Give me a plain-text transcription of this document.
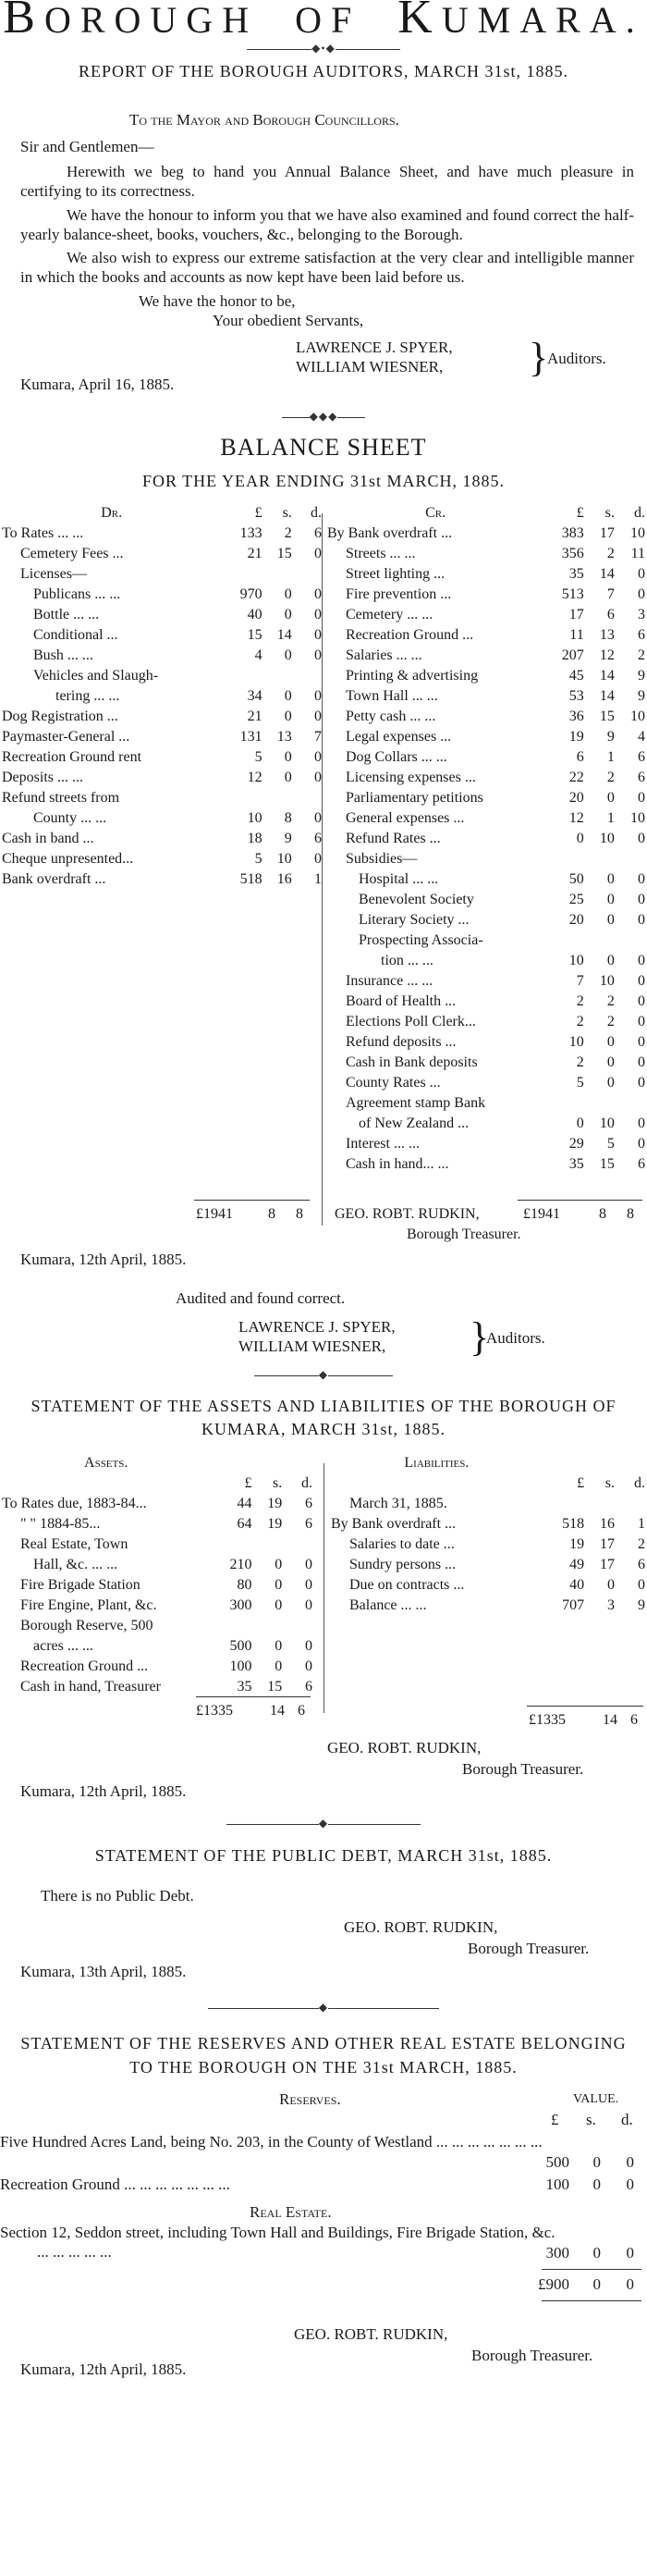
BOROUGH OF KUMARA.
◆•◆
REPORT OF THE BOROUGH AUDITORS, MARCH 31st, 1885.
To the Mayor and Borough Councillors.
Sir and Gentlemen—

Herewith we beg to hand you Annual Balance Sheet, and have much pleasure in certifying to its correctness.

We have the honour to inform you that we have also examined and found correct the half-yearly balance-sheet, books, vouchers, &c., belonging to the Borough.

We also wish to express our extreme satisfaction at the very clear and intelligible manner in which the books and accounts as now kept have been laid before us.

We have the honor to be,
Your obedient Servants,
LAWRENCE J. SPYER,
WILLIAM WIESNER, }
Auditors.
Kumara, April 16, 1885.
◆◆◆
BALANCE SHEET
FOR THE YEAR ENDING 31st MARCH, 1885.
Dr.	£	s.	d.
To Rates ... ...	133	2	6
Cemetery Fees ...	21	15	0
Licenses—			
Publicans ... ...	970	0	0
Bottle ... ...	40	0	0
Conditional ...	15	14	0
Bush ... ...	4	0	0
Vehicles and Slaugh-			
tering ... ...	34	0	0
Dog Registration ...	21	0	0
Paymaster-General ...	131	13	7
Recreation Ground rent	5	0	0
Deposits ... ...	12	0	0
Refund streets from			
County ... ...	10	8	0
Cash in band ...	18	9	6
Cheque unpresented...	5	10	0
Bank overdraft ...	518	16	1
Cr.	£	s.	d.
By Bank overdraft ...	383	17	10
Streets ... ...	356	2	11
Street lighting ...	35	14	0
Fire prevention ...	513	7	0
Cemetery ... ...	17	6	3
Recreation Ground ...	11	13	6
Salaries ... ...	207	12	2
Printing & advertising	45	14	9
Town Hall ... ...	53	14	9
Petty cash ... ...	36	15	10
Legal expenses ...	19	9	4
Dog Collars ... ...	6	1	6
Licensing expenses ...	22	2	6
Parliamentary petitions	20	0	0
General expenses ...	12	1	10
Refund Rates ...	0	10	0
Subsidies—			
Hospital ... ...	50	0	0
Benevolent Society	25	0	0
Literary Society ...	20	0	0
Prospecting Associa-			
tion ... ...	10	0	0
Insurance ... ...	7	10	0
Board of Health ...	2	2	0
Elections Poll Clerk...	2	2	0
Refund deposits ...	10	0	0
Cash in Bank deposits	2	0	0
County Rates ...	5	0	0
Agreement stamp Bank			
of New Zealand ...	0	10	0
Interest ... ...	29	5	0
Cash in hand... ...	35	15	6
£1941 8 8	£1941	8 8
GEO. ROBT. RUDKIN,
Borough Treasurer.
Kumara, 12th April, 1885.
Audited and found correct.
LAWRENCE J. SPYER,
WILLIAM WIESNER, }
Auditors.
◆
STATEMENT OF THE ASSETS AND LIABILITIES OF THE BOROUGH OF KUMARA, MARCH 31st, 1885.
Assets.			
	£	s.	d.
To Rates due, 1883-84...	44	19	6
" " 1884-85...	64	19	6
Real Estate, Town			
Hall, &c. ... ...	210	0	0
Fire Brigade Station	80	0	0
Fire Engine, Plant, &c.	300	0	0
Borough Reserve, 500			
acres ... ...	500	0	0
Recreation Ground ...	100	0	0
Cash in hand, Treasurer	35	15	6
Liabilities.			
	£	s.	d.
March 31, 1885.			
By Bank overdraft ...	518	16	1
Salaries to date ...	19	17	2
Sundry persons ...	49	17	6
Due on contracts ...	40	0	0
Balance ... ...	707	3	9
£1335	14 6
£1335	14 6
GEO. ROBT. RUDKIN,
Borough Treasurer.
Kumara, 12th April, 1885.
◆
STATEMENT OF THE PUBLIC DEBT, MARCH 31st, 1885.
There is no Public Debt.
GEO. ROBT. RUDKIN,
Borough Treasurer.
Kumara, 13th April, 1885.
◆
STATEMENT OF THE RESERVES AND OTHER REAL ESTATE BELONGING TO THE BOROUGH ON THE 31st MARCH, 1885.
Reserves.	VALUE.
£ s. d.
Five Hundred Acres Land, being No. 203, in the County of Westland ... ... ... ... ... ... ...
500	0	0
Recreation Ground ... ... ... ... ... ... ...	100	0	0
Real Estate.
Section 12, Seddon street, including Town Hall and Buildings, Fire Brigade Station, &c. ... ... ... ... ...	300	0	0
£900	0	0
GEO. ROBT. RUDKIN,
Borough Treasurer.
Kumara, 12th April, 1885.
